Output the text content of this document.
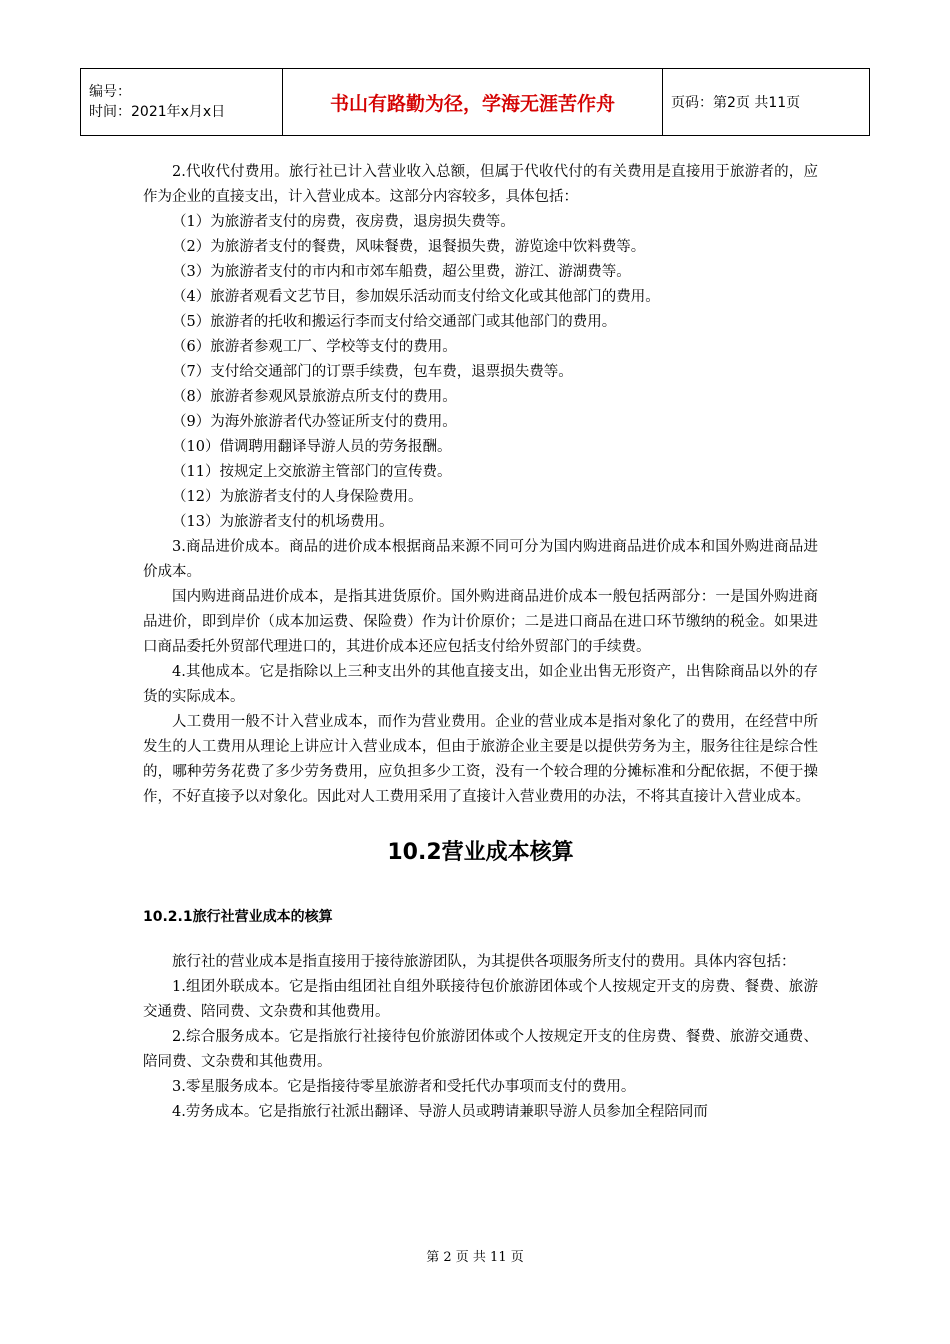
编号：
时间：2021年x月x日	书山有路勤为径，学海无涯苦作舟	页码：第2页 共11页

2.代收代付费用。旅行社已计入营业收入总额，但属于代收代付的有关费用是直接用于旅游者的，应作为企业的直接支出，计入营业成本。这部分内容较多，具体包括：

（1）为旅游者支付的房费，夜房费，退房损失费等。

（2）为旅游者支付的餐费，风味餐费，退餐损失费，游览途中饮料费等。

（3）为旅游者支付的市内和市郊车船费，超公里费，游江、游湖费等。

（4）旅游者观看文艺节目，参加娱乐活动而支付给文化或其他部门的费用。

（5）旅游者的托收和搬运行李而支付给交通部门或其他部门的费用。

（6）旅游者参观工厂、学校等支付的费用。

（7）支付给交通部门的订票手续费，包车费，退票损失费等。

（8）旅游者参观风景旅游点所支付的费用。

（9）为海外旅游者代办签证所支付的费用。

（10）借调聘用翻译导游人员的劳务报酬。

（11）按规定上交旅游主管部门的宣传费。

（12）为旅游者支付的人身保险费用。

（13）为旅游者支付的机场费用。

3.商品进价成本。商品的进价成本根据商品来源不同可分为国内购进商品进价成本和国外购进商品进价成本。

国内购进商品进价成本，是指其进货原价。国外购进商品进价成本一般包括两部分：一是国外购进商品进价，即到岸价（成本加运费、保险费）作为计价原价；二是进口商品在进口环节缴纳的税金。如果进口商品委托外贸部代理进口的，其进价成本还应包括支付给外贸部门的手续费。

4.其他成本。它是指除以上三种支出外的其他直接支出，如企业出售无形资产，出售除商品以外的存货的实际成本。

人工费用一般不计入营业成本，而作为营业费用。企业的营业成本是指对象化了的费用，在经营中所发生的人工费用从理论上讲应计入营业成本，但由于旅游企业主要是以提供劳务为主，服务往往是综合性的，哪种劳务花费了多少劳务费用，应负担多少工资，没有一个较合理的分摊标准和分配依据，不便于操作，不好直接予以对象化。因此对人工费用采用了直接计入营业费用的办法，不将其直接计入营业成本。

10.2营业成本核算
10.2.1旅行社营业成本的核算

旅行社的营业成本是指直接用于接待旅游团队，为其提供各项服务所支付的费用。具体内容包括：

1.组团外联成本。它是指由组团社自组外联接待包价旅游团体或个人按规定开支的房费、餐费、旅游交通费、陪同费、文杂费和其他费用。

2.综合服务成本。它是指旅行社接待包价旅游团体或个人按规定开支的住房费、餐费、旅游交通费、陪同费、文杂费和其他费用。

3.零星服务成本。它是指接待零星旅游者和受托代办事项而支付的费用。

4.劳务成本。它是指旅行社派出翻译、导游人员或聘请兼职导游人员参加全程陪同而

第 2 页 共 11 页
